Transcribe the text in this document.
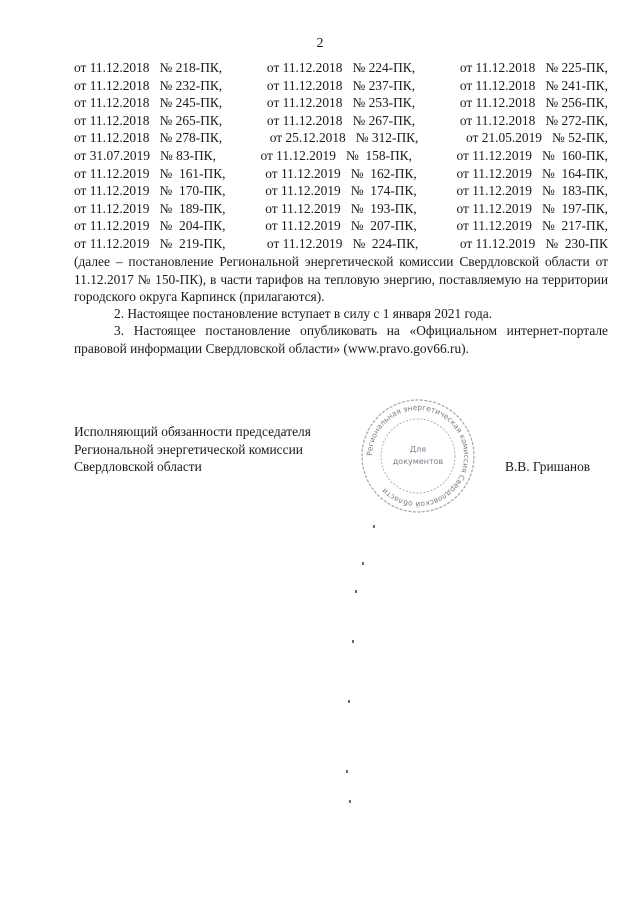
2
от 11.12.2018   № 218-ПК,	от 11.12.2018   № 224-ПК,	от 11.12.2018   № 225-ПК,
от 11.12.2018   № 232-ПК,	от 11.12.2018   № 237-ПК,	от 11.12.2018   № 241-ПК,
от 11.12.2018   № 245-ПК,	от 11.12.2018   № 253-ПК,	от 11.12.2018   № 256-ПК,
от 11.12.2018   № 265-ПК,	от 11.12.2018   № 267-ПК,	от 11.12.2018   № 272-ПК,
от 11.12.2018   № 278-ПК,	от 25.12.2018   № 312-ПК,	от 21.05.2019   № 52-ПК,
от 31.07.2019   № 83-ПК,	от 11.12.2019   №  158-ПК,	от 11.12.2019   №  160-ПК,
от 11.12.2019   №  161-ПК,	от 11.12.2019   №  162-ПК,	от 11.12.2019   №  164-ПК,
от 11.12.2019   №  170-ПК,	от 11.12.2019   №  174-ПК,	от 11.12.2019   №  183-ПК,
от 11.12.2019   №  189-ПК,	от 11.12.2019   №  193-ПК,	от 11.12.2019   №  197-ПК,
от 11.12.2019   №  204-ПК,	от 11.12.2019   №  207-ПК,	от 11.12.2019   №  217-ПК,
от 11.12.2019   №  219-ПК,	от 11.12.2019   №  224-ПК,	от 11.12.2019   №  230-ПК
(далее – постановление Региональной энергетической комиссии Свердловской области от 11.12.2017 № 150-ПК), в части тарифов на тепловую энергию, поставляемую на территории городского округа Карпинск (прилагаются).
2. Настоящее постановление вступает в силу с 1 января 2021 года.
3. Настоящее постановление опубликовать на «Официальном интернет-портале правовой информации Свердловской области» (www.pravo.gov66.ru).
Исполняющий обязанности председателя
Региональной энергетической комиссии
Свердловской области
Региональная энергетическая комиссия Свердловской области
Для
документов	В.В. Гришанов
